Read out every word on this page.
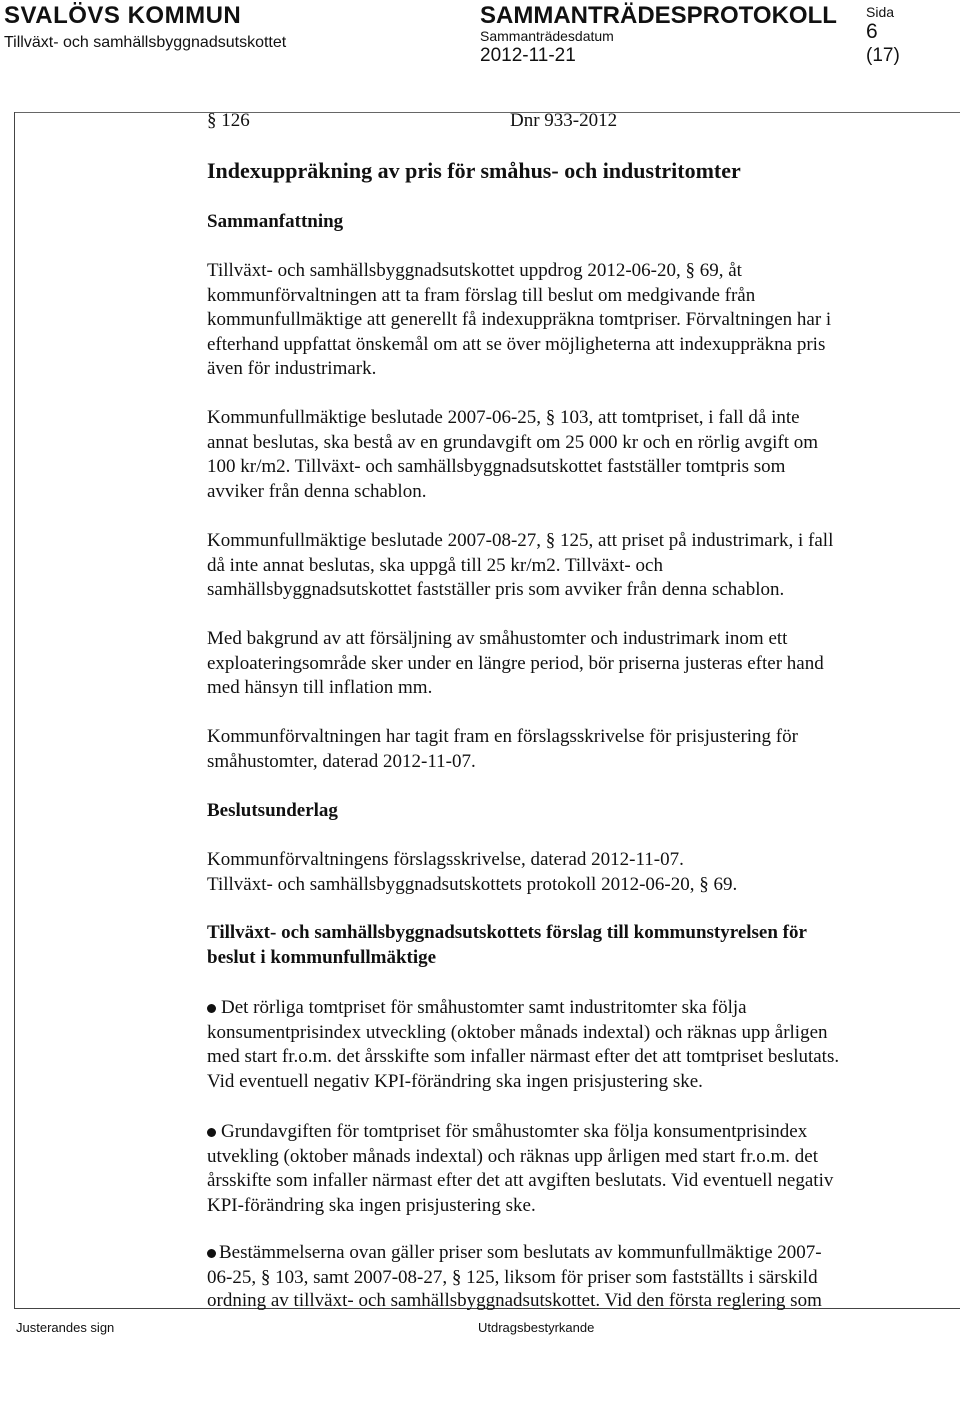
SVALÖVS KOMMUN
Tillväxt- och samhällsbyggnadsutskottet
SAMMANTRÄDESPROTOKOLL
Sammanträdesdatum
2012-11-21
Sida
6
(17)
§ 126	Dnr 933-2012
Indexuppräkning av pris för småhus- och industritomter
Sammanfattning
Tillväxt- och samhällsbyggnadsutskottet uppdrog 2012-06-20, § 69, åt
kommunförvaltningen att ta fram förslag till beslut om medgivande från
kommunfullmäktige att generellt få indexuppräkna tomtpriser. Förvaltningen har i
efterhand uppfattat önskemål om att se över möjligheterna att indexuppräkna pris
även för industrimark.
Kommunfullmäktige beslutade 2007-06-25, § 103, att tomtpriset, i fall då inte
annat beslutas, ska bestå av en grundavgift om 25 000 kr och en rörlig avgift om
100 kr/m2. Tillväxt- och samhällsbyggnadsutskottet fastställer tomtpris som
avviker från denna schablon.
Kommunfullmäktige beslutade 2007-08-27, § 125, att priset på industrimark, i fall
då inte annat beslutas, ska uppgå till 25 kr/m2. Tillväxt- och
samhällsbyggnadsutskottet fastställer pris som avviker från denna schablon.
Med bakgrund av att försäljning av småhustomter och industrimark inom ett
exploateringsområde sker under en längre period, bör priserna justeras efter hand
med hänsyn till inflation mm.
Kommunförvaltningen har tagit fram en förslagsskrivelse för prisjustering för
småhustomter, daterad 2012-11-07.
Beslutsunderlag
Kommunförvaltningens förslagsskrivelse, daterad 2012-11-07.
Tillväxt- och samhällsbyggnadsutskottets protokoll 2012-06-20, § 69.
Tillväxt- och samhällsbyggnadsutskottets förslag till kommunstyrelsen för
beslut i kommunfullmäktige
Det rörliga tomtpriset för småhustomter samt industritomter ska följa
konsumentprisindex utveckling (oktober månads indextal) och räknas upp årligen
med start fr.o.m. det årsskifte som infaller närmast efter det att tomtpriset beslutats.
Vid eventuell negativ KPI-förändring ska ingen prisjustering ske.
Grundavgiften för tomtpriset för småhustomter ska följa konsumentprisindex
utvekling (oktober månads indextal) och räknas upp årligen med start fr.o.m. det
årsskifte som infaller närmast efter det att avgiften beslutats. Vid eventuell negativ
KPI-förändring ska ingen prisjustering ske.
Bestämmelserna ovan gäller priser som beslutats av kommunfullmäktige 2007-
06-25, § 103, samt 2007-08-27, § 125, liksom för priser som fastställts i särskild
ordning av tillväxt- och samhällsbyggnadsutskottet. Vid den första reglering som
Justerandes sign	Utdragsbestyrkande
